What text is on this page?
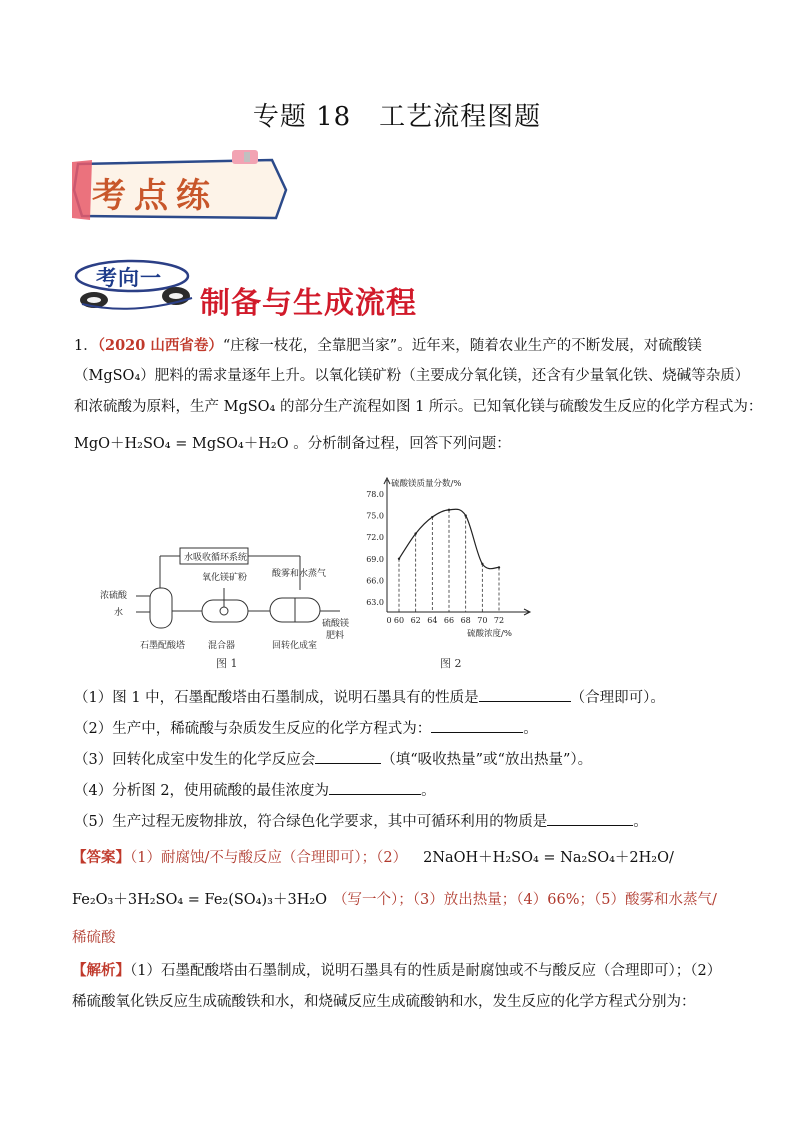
专题 18 工艺流程图题
考点练
考向一
制备与生成流程
1．（2020 山西省卷）“庄稼一枝花，全靠肥当家”。近年来，随着农业生产的不断发展，对硫酸镁
（MgSO₄）肥料的需求量逐年上升。以氧化镁矿粉（主要成分氧化镁，还含有少量氧化铁、烧碱等杂质）
和浓硫酸为原料，生产 MgSO₄ 的部分生产流程如图 1 所示。已知氧化镁与硫酸发生反应的化学方程式为：
MgO＋H₂SO₄ = MgSO₄＋H₂O 。分析制备过程，回答下列问题：
水吸收循环系统
氧化镁矿粉	酸雾和水蒸气
浓硫酸
水
硫酸镁
肥料
石墨配酸塔	混合器	回转化成室
图 1
63.0
66.0
69.0
72.0
75.0
78.0
0 60 62 64 66 68 70 72
硫酸镁质量分数/%
硫酸浓度/%
图 2
（1）图 1 中，石墨配酸塔由石墨制成，说明石墨具有的性质是	（合理即可）。
（2）生产中，稀硫酸与杂质发生反应的化学方程式为：	。
（3）回转化成室中发生的化学反应会	（填“吸收热量”或“放出热量”）。
（4）分析图 2，使用硫酸的最佳浓度为	。
（5）生产过程无废物排放，符合绿色化学要求，其中可循环利用的物质是	。
【答案】（1）耐腐蚀/不与酸反应（合理即可）；（2） 2NaOH＋H₂SO₄ = Na₂SO₄＋2H₂O/
Fe₂O₃＋3H₂SO₄ = Fe₂(SO₄)₃＋3H₂O （写一个）；（3）放出热量；（4）66%；（5）酸雾和水蒸气/
稀硫酸
【解析】（1）石墨配酸塔由石墨制成，说明石墨具有的性质是耐腐蚀或不与酸反应（合理即可）；（2）
稀硫酸氧化铁反应生成硫酸铁和水，和烧碱反应生成硫酸钠和水，发生反应的化学方程式分别为：
